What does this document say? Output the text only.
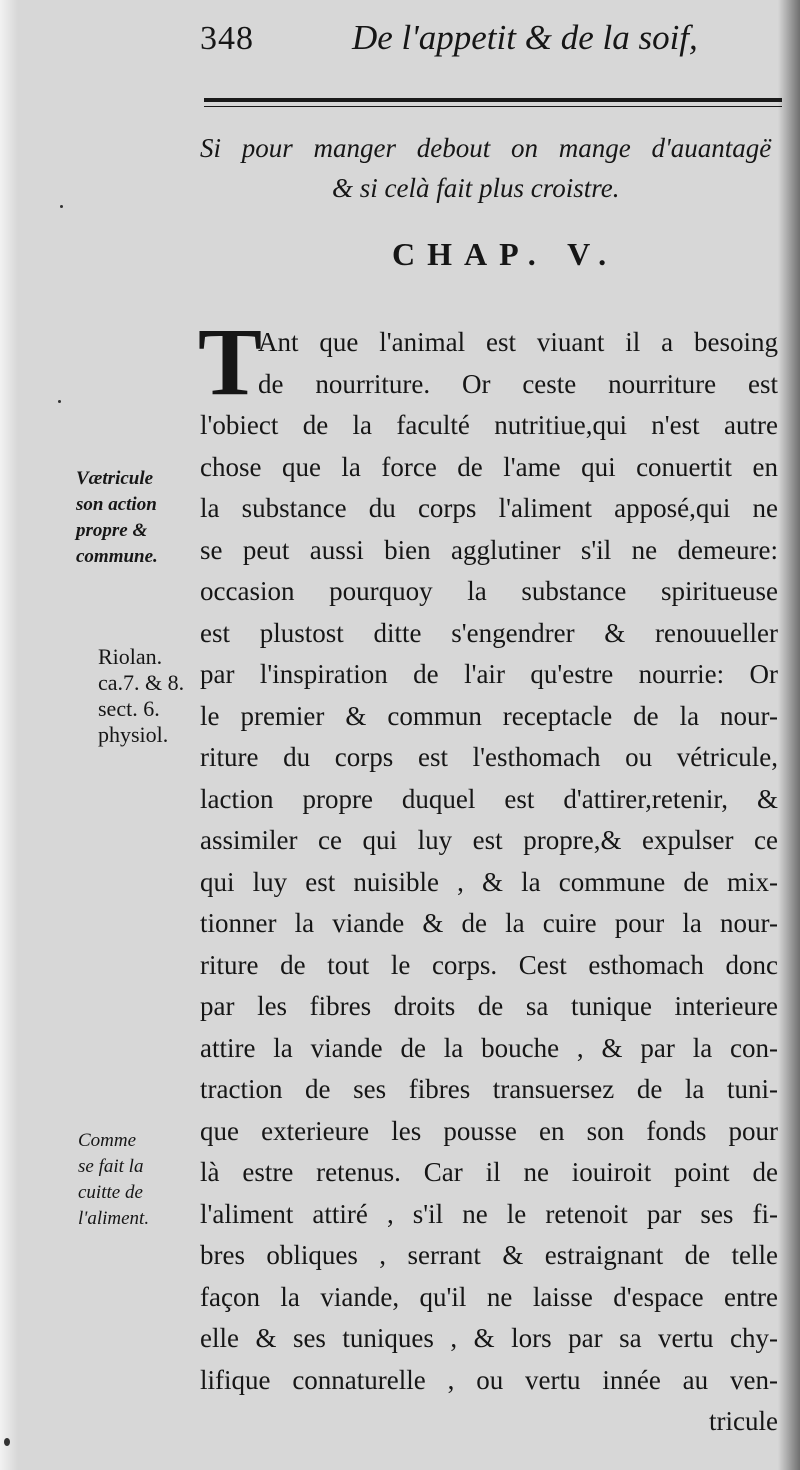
348	De l'appetit & de la soif,
Si pour manger debout on mange d'auantagë
& si celà fait plus croistre.
CHAP. V.
T
Ant que l'animal est viuant il a besoing
de nourriture. Or ceste nourriture est
l'obiect de la faculté nutritiue,qui n'est autre
chose que la force de l'ame qui conuertit en
la substance du corps l'aliment apposé,qui ne
se peut aussi bien agglutiner s'il ne demeure:
occasion pourquoy la substance spiritueuse
est plustost ditte s'engendrer & renouueller
par l'inspiration de l'air qu'estre nourrie: Or
le premier & commun receptacle de la nour-
riture du corps est l'esthomach ou vétricule,
laction propre duquel est d'attirer,retenir, &
assimiler ce qui luy est propre,& expulser ce
qui luy est nuisible , & la commune de mix-
tionner la viande & de la cuire pour la nour-
riture de tout le corps. Cest esthomach donc
par les fibres droits de sa tunique interieure
attire la viande de la bouche , & par la con-
traction de ses fibres transuersez de la tuni-
que exterieure les pousse en son fonds pour
là estre retenus. Car il ne iouiroit point de
l'aliment attiré , s'il ne le retenoit par ses fi-
bres obliques , serrant & estraignant de telle
façon la viande, qu'il ne laisse d'espace entre
elle & ses tuniques , & lors par sa vertu chy-
lifique connaturelle , ou vertu innée au ven-
tricule
Vætricule
son action
propre &
commune.
Riolan.
ca.7. & 8.
sect. 6.
physiol.
Comme
se fait la
cuitte de
l'aliment.
